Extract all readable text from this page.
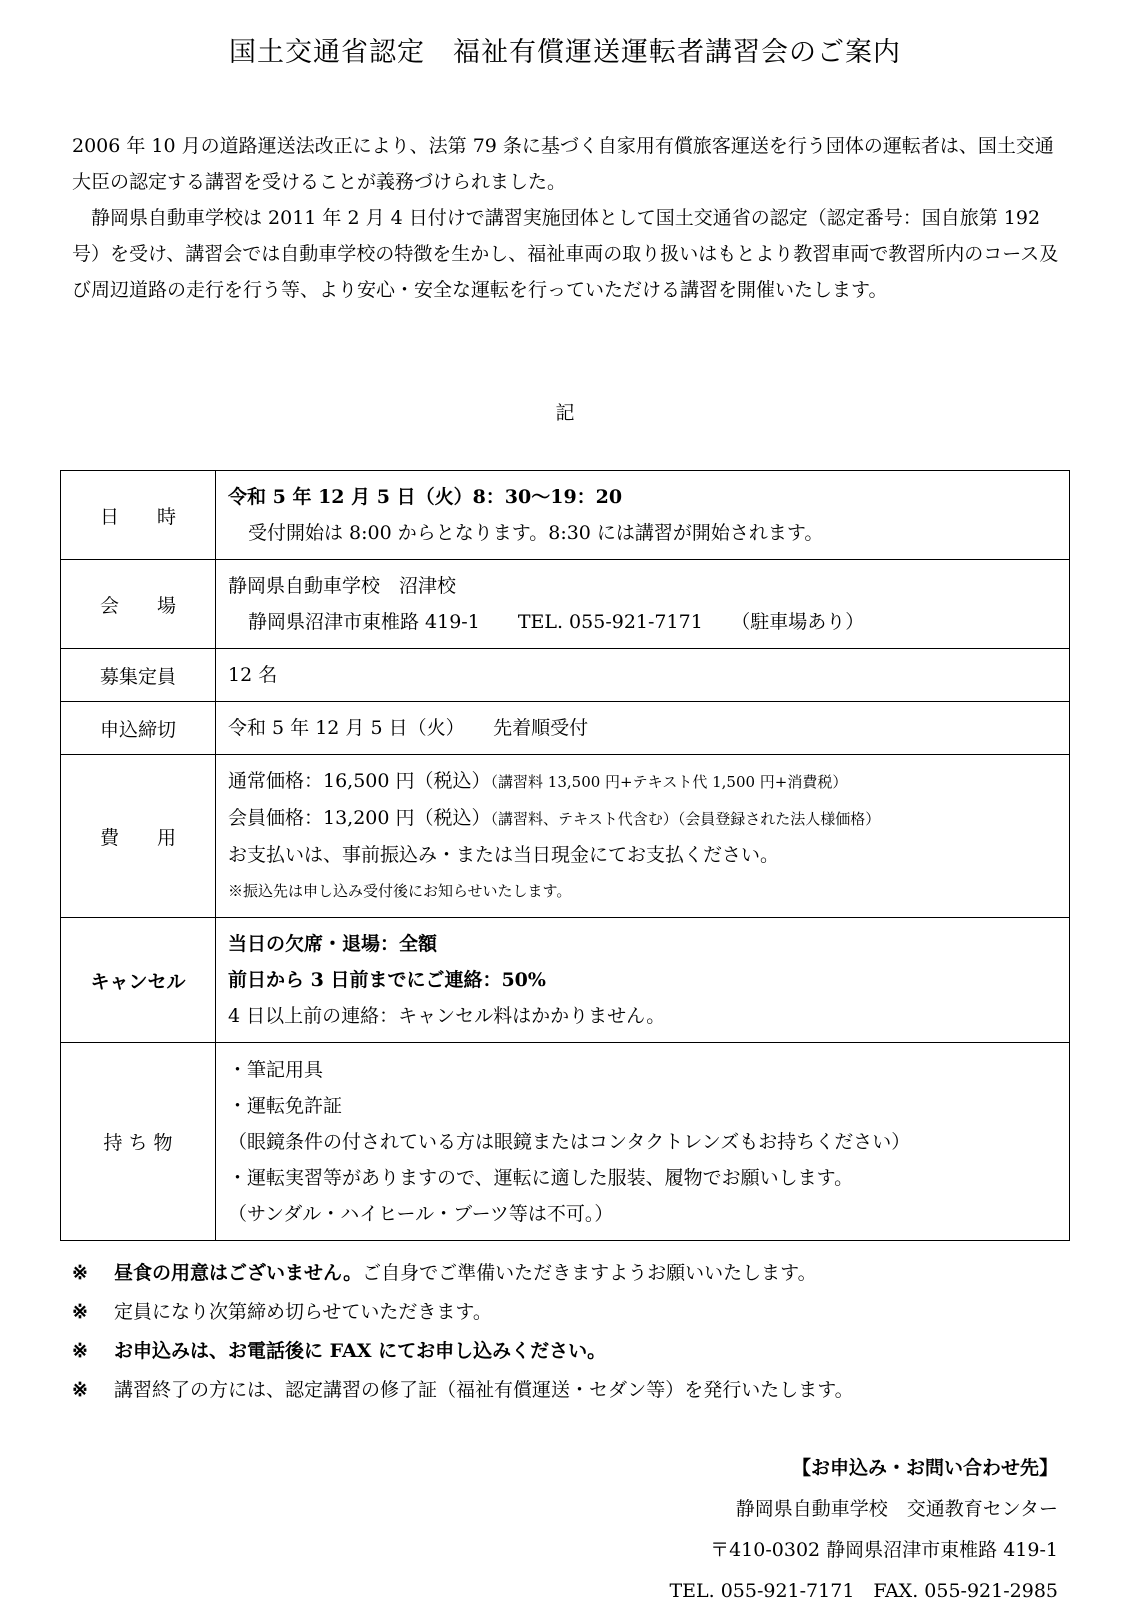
国土交通省認定　福祉有償運送運転者講習会のご案内

2006 年 10 月の道路運送法改正により、法第 79 条に基づく自家用有償旅客運送を行う団体の運転者は、国土交通大臣の認定する講習を受けることが義務づけられました。

静岡県自動車学校は 2011 年 2 月 4 日付けで講習実施団体として国土交通省の認定（認定番号：国自旅第 192 号）を受け、講習会では自動車学校の特徴を生かし、福祉車両の取り扱いはもとより教習車両で教習所内のコース及び周辺道路の走行を行う等、より安心・安全な運転を行っていただける講習を開催いたします。

記
日　　時	令和 5 年 12 月 5 日（火）8：30〜19：20
受付開始は 8:00 からとなります。8:30 には講習が開始されます。

会　　場	静岡県自動車学校　沼津校
静岡県沼津市東椎路 419-1　　TEL. 055-921-7171　　（駐車場あり）

募集定員	12 名
申込締切	令和 5 年 12 月 5 日（火）　　先着順受付
費　　用	通常価格：16,500 円（税込）（講習料 13,500 円+テキスト代 1,500 円+消費税）
会員価格：13,200 円（税込）（講習料、テキスト代含む）（会員登録された法人様価格）
お支払いは、事前振込み・または当日現金にてお支払ください。
※振込先は申し込み受付後にお知らせいたします。

キャンセル	当日の欠席・退場：全額
前日から 3 日前までにご連絡：50%
4 日以上前の連絡：キャンセル料はかかりません。

持 ち 物	・筆記用具
・運転免許証
（眼鏡条件の付されている方は眼鏡またはコンタクトレンズもお持ちください）
・運転実習等がありますので、運転に適した服装、履物でお願いします。
（サンダル・ハイヒール・ブーツ等は不可。）
※	昼食の用意はございません。ご自身でご準備いただきますようお願いいたします。
※	定員になり次第締め切らせていただきます。
※	お申込みは、お電話後に FAX にてお申し込みください。
※	講習終了の方には、認定講習の修了証（福祉有償運送・セダン等）を発行いたします。
【お申込み・お問い合わせ先】
静岡県自動車学校　交通教育センター
〒410-0302 静岡県沼津市東椎路 419-1
TEL. 055-921-7171　FAX. 055-921-2985
